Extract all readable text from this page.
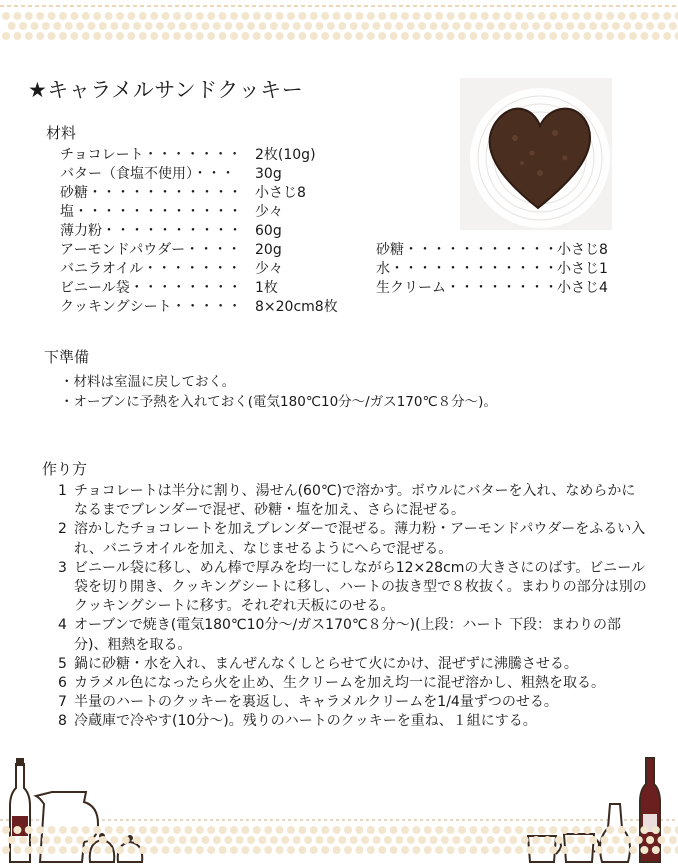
★キャラメルサンドクッキー
材料
チョコレート・・・・・・・ 2枚(10g)
バター（食塩不使用）・・・ 30g
砂糖・・・・・・・・・・・ 小さじ8
塩・・・・・・・・・・・・ 少々
薄力粉・・・・・・・・・・ 60g
アーモンドパウダー・・・・ 20g
バニラオイル・・・・・・・ 少々
ビニール袋・・・・・・・・ 1枚
クッキングシート・・・・・ 8×20cm8枚
砂糖・・・・・・・・・・・小さじ8
水・・・・・・・・・・・・小さじ1
生クリーム・・・・・・・・小さじ4
下準備
・材料は室温に戻しておく。
・オーブンに予熱を入れておく(電気180℃10分～/ガス170℃８分～)。
作り方
1 チョコレートは半分に割り、湯せん(60℃)で溶かす。ボウルにバターを入れ、なめらかになるまでブレンダーで混ぜ、砂糖・塩を加え、さらに混ぜる。
2 溶かしたチョコレートを加えブレンダーで混ぜる。薄力粉・アーモンドパウダーをふるい入れ、バニラオイルを加え、なじませるようにへらで混ぜる。
3 ビニール袋に移し、めん棒で厚みを均一にしながら12×28cmの大きさにのばす。ビニール袋を切り開き、クッキングシートに移し、ハートの抜き型で８枚抜く。まわりの部分は別のクッキングシートに移す。それぞれ天板にのせる。
4 オーブンで焼き(電気180℃10分～/ガス170℃８分～)(上段：ハート 下段：まわりの部分)、粗熱を取る。
5 鍋に砂糖・水を入れ、まんぜんなくしとらせて火にかけ、混ぜずに沸騰させる。
6 カラメル色になったら火を止め、生クリームを加え均一に混ぜ溶かし、粗熱を取る。
7 半量のハートのクッキーを裏返し、キャラメルクリームを1/4量ずつのせる。
8 冷蔵庫で冷やす(10分～)。残りのハートのクッキーを重ね、１組にする。
